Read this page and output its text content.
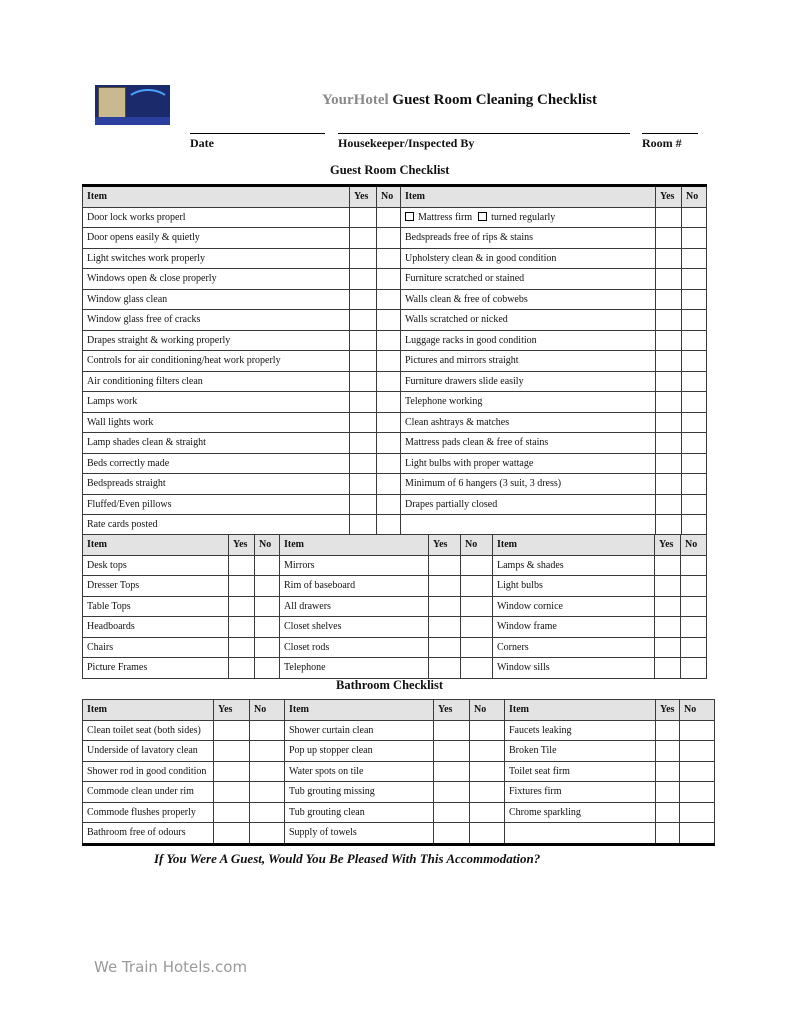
YourHotel Guest Room Cleaning Checklist
Date	Housekeeper/Inspected By	Room #
Guest Room Checklist
Item	Yes	No	Item	Yes	No
Door lock works properl			Mattress firm turned regularly		
Door opens easily & quietly			Bedspreads free of rips & stains		
Light switches work properly			Upholstery clean & in good condition		
Windows open & close properly			Furniture scratched or stained		
Window glass clean			Walls clean & free of cobwebs		
Window glass free of cracks			Walls scratched or nicked		
Drapes straight & working properly			Luggage racks in good condition		
Controls for air conditioning/heat work properly			Pictures and mirrors straight		
Air conditioning filters clean			Furniture drawers slide easily		
Lamps work			Telephone working		
Wall lights work			Clean ashtrays & matches		
Lamp shades clean & straight			Mattress pads clean & free of stains		
Beds correctly made			Light bulbs with proper wattage		
Bedspreads straight			Minimum of 6 hangers (3 suit, 3 dress)		
Fluffed/Even pillows			Drapes partially closed		
Rate cards posted					
Item	Yes	No	Item	Yes	No	Item	Yes	No
Desk tops			Mirrors			Lamps & shades		
Dresser Tops			Rim of baseboard			Light bulbs		
Table Tops			All drawers			Window cornice		
Headboards			Closet shelves			Window frame		
Chairs			Closet rods			Corners		
Picture Frames			Telephone			Window sills		
Bathroom Checklist
Item	Yes	No	Item	Yes	No	Item	Yes	No
Clean toilet seat (both sides)			Shower curtain clean			Faucets leaking		
Underside of lavatory clean			Pop up stopper clean			Broken Tile		
Shower rod in good condition			Water spots on tile			Toilet seat firm		
Commode clean under rim			Tub grouting missing			Fixtures firm		
Commode flushes properly			Tub grouting clean			Chrome sparkling		
Bathroom free of odours			Supply of towels					
If You Were A Guest, Would You Be Pleased With This Accommodation?
We Train Hotels.com
